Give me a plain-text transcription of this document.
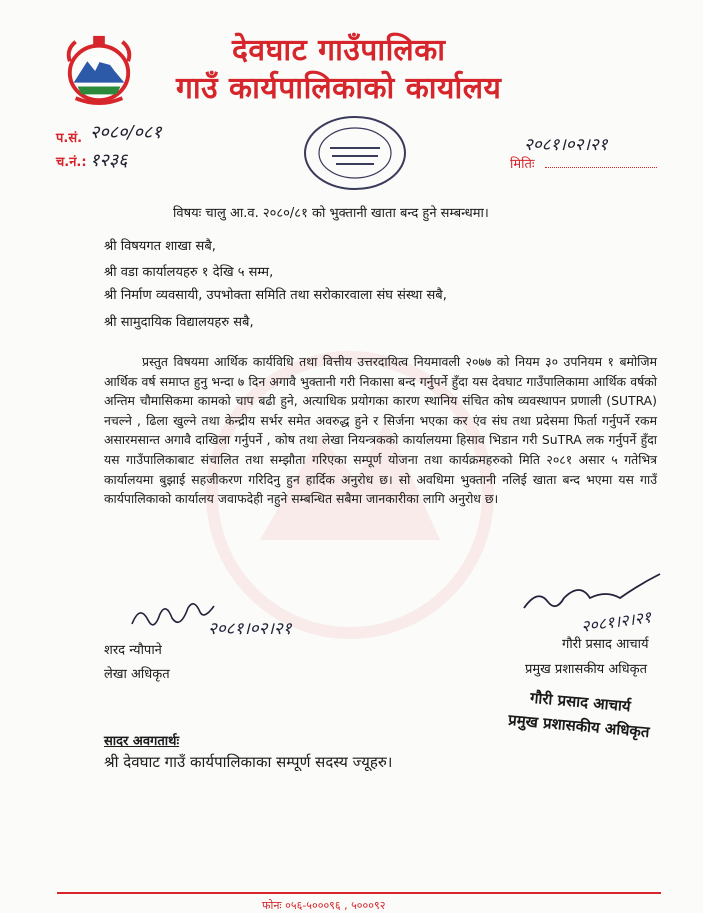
देवघाट गाउँपालिका
गाउँ कार्यपालिकाको कार्यालय
प.सं. २०८०/०८१
च.नं.: १२३६
२०८१।०२।२१
मितिः
विषयः चालु आ.व. २०८०/८१ को भुक्तानी खाता बन्द हुने सम्बन्धमा।
श्री विषयगत शाखा सबै,
श्री वडा कार्यालयहरु १ देखि ५ सम्म,
श्री निर्माण व्यवसायी, उपभोक्ता समिति तथा सरोकारवाला संघ संस्था सबै,
श्री सामुदायिक विद्यालयहरु सबै,
प्रस्तुत विषयमा आर्थिक कार्यविधि तथा वित्तीय उत्तरदायित्व नियमावली २०७७ को नियम ३० उपनियम १ बमोजिम आर्थिक वर्ष समाप्त हुनु भन्दा ७ दिन अगावै भुक्तानी गरी निकासा बन्द गर्नुपर्ने हुँदा यस देवघाट गाउँपालिकामा आर्थिक वर्षको अन्तिम चौमासिकमा कामको चाप बढी हुने, अत्याधिक प्रयोगका कारण स्थानिय संचित कोष व्यवस्थापन प्रणाली (SUTRA) नचल्ने , ढिला खुल्ने तथा केन्द्रीय सर्भर समेत अवरुद्ध हुने र सिर्जना भएका कर एंव संघ तथा प्रदेसमा फिर्ता गर्नुपर्ने रकम असारमसान्त अगावै दाखिला गर्नुपर्ने , कोष तथा लेखा नियन्त्रककाे कार्यालयमा हिसाव भिडान गरी SuTRA लक गर्नुपर्ने हुँदा यस गाउँपालिकाबाट संचालित तथा सम्झौता गरिएका सम्पूर्ण योजना तथा कार्यक्रमहरुको मिति २०८१ असार ५ गतेभित्र कार्यालयमा बुझाई सहजीकरण गरिदिनु हुन हार्दिक अनुरोध छ। सो अवधिमा भुक्तानी नलिई खाता बन्द भएमा यस गाउँ कार्यपालिकाको कार्यालय जवाफदेही नहुने सम्बन्धित सबैमा जानकारीका लागि अनुरोध छ।
२०८१।०२।२१	२०८१।२।२१
शरद न्यौपाने
लेखा अधिकृत
गौरी प्रसाद आचार्य
प्रमुख प्रशासकीय अधिकृत
गौरी प्रसाद आचार्य
प्रमुख प्रशासकीय अधिकृत
सादर अवगतार्थः
श्री देवघाट गाउँ कार्यपालिकाका सम्पूर्ण सदस्य ज्यूहरु।
फोनः ०५६-५०००९६ , ५०००९२
